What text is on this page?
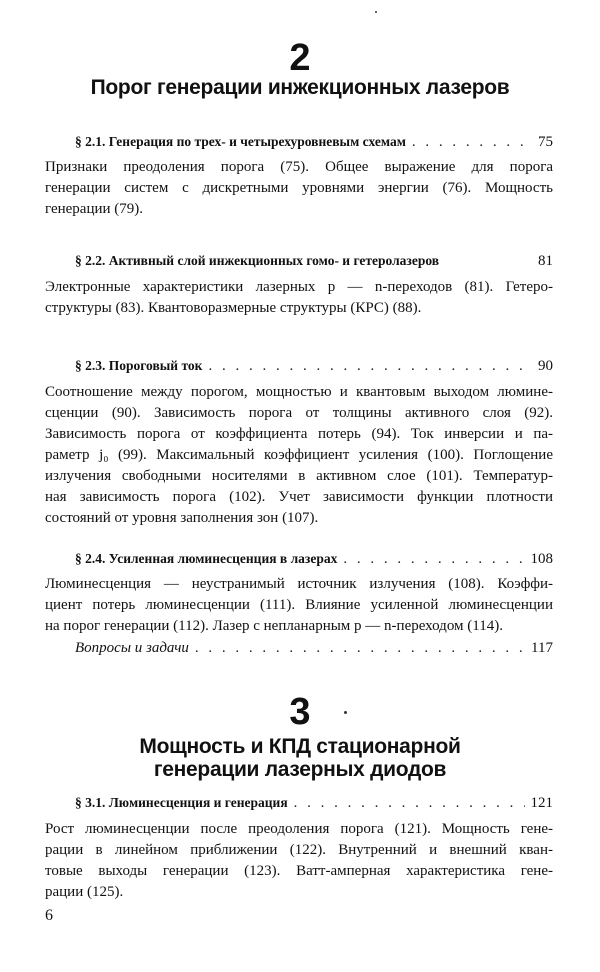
2
Порог генерации инжекционных лазеров
§ 2.1. Генерация по трех- и четырехуровневым схемам . . .	75
Признаки преодоления порога (75). Общее выражение для порога
генерации систем с дискретными уровнями энергии (76). Мощность
генерации (79).
§ 2.2. Активный слой инжекционных гомо- и гетеролазеров	81
Электронные характеристики лазерных p — n-переходов (81). Гетеро-
структуры (83). Квантоворазмерные структуры (КРС) (88).
§ 2.3. Пороговый ток . . .	90
Соотношение между порогом, мощностью и квантовым выходом люмине-
сценции (90). Зависимость порога от толщины активного слоя (92).
Зависимость порога от коэффициента потерь (94). Ток инверсии и па-
раметр j₀ (99). Максимальный коэффициент усиления (100). Поглощение
излучения свободными носителями в активном слое (101). Температур-
ная зависимость порога (102). Учет зависимости функции плотности
состояний от уровня заполнения зон (107).
§ 2.4. Усиленная люминесценция в лазерах . . .	108
Люминесценция — неустранимый источник излучения (108). Коэффи-
циент потерь люминесценции (111). Влияние усиленной люминесценции
на порог генерации (112). Лазер с непланарным p — n-переходом (114).
Вопросы и задачи . . .	117
3
Мощность и КПД стационарной
генерации лазерных диодов
§ 3.1. Люминесценция и генерация . . .	121
Рост люминесценции после преодоления порога (121). Мощность гене-
рации в линейном приближении (122). Внутренний и внешний кван-
товые выходы генерации (123). Ватт-амперная характеристика гене-
рации (125).
6
